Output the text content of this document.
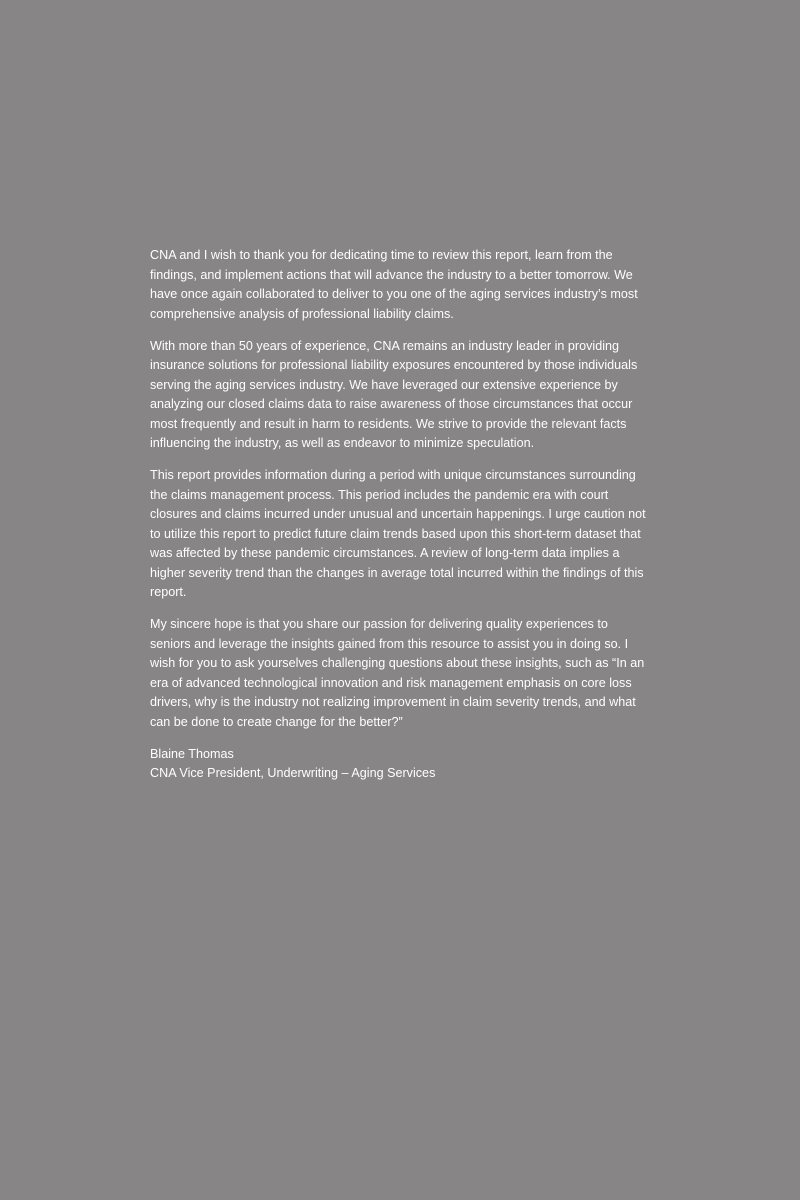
CNA and I wish to thank you for dedicating time to review this report, learn from the findings, and implement actions that will advance the industry to a better tomorrow. We have once again collaborated to deliver to you one of the aging services industry’s most comprehensive analysis of professional liability claims.

With more than 50 years of experience, CNA remains an industry leader in providing insurance solutions for professional liability exposures encountered by those individuals serving the aging services industry. We have leveraged our extensive experience by analyzing our closed claims data to raise awareness of those circumstances that occur most frequently and result in harm to residents. We strive to provide the relevant facts influencing the industry, as well as endeavor to minimize speculation.

This report provides information during a period with unique circumstances surrounding the claims management process. This period includes the pandemic era with court closures and claims incurred under unusual and uncertain happenings. I urge caution not to utilize this report to predict future claim trends based upon this short-term dataset that was affected by these pandemic circumstances. A review of long-term data implies a higher severity trend than the changes in average total incurred within the findings of this report.

My sincere hope is that you share our passion for delivering quality experiences to seniors and leverage the insights gained from this resource to assist you in doing so. I wish for you to ask yourselves challenging questions about these insights, such as “In an era of advanced technological innovation and risk management emphasis on core loss drivers, why is the industry not realizing improvement in claim severity trends, and what can be done to create change for the better?”

Blaine Thomas
CNA Vice President, Underwriting – Aging Services
